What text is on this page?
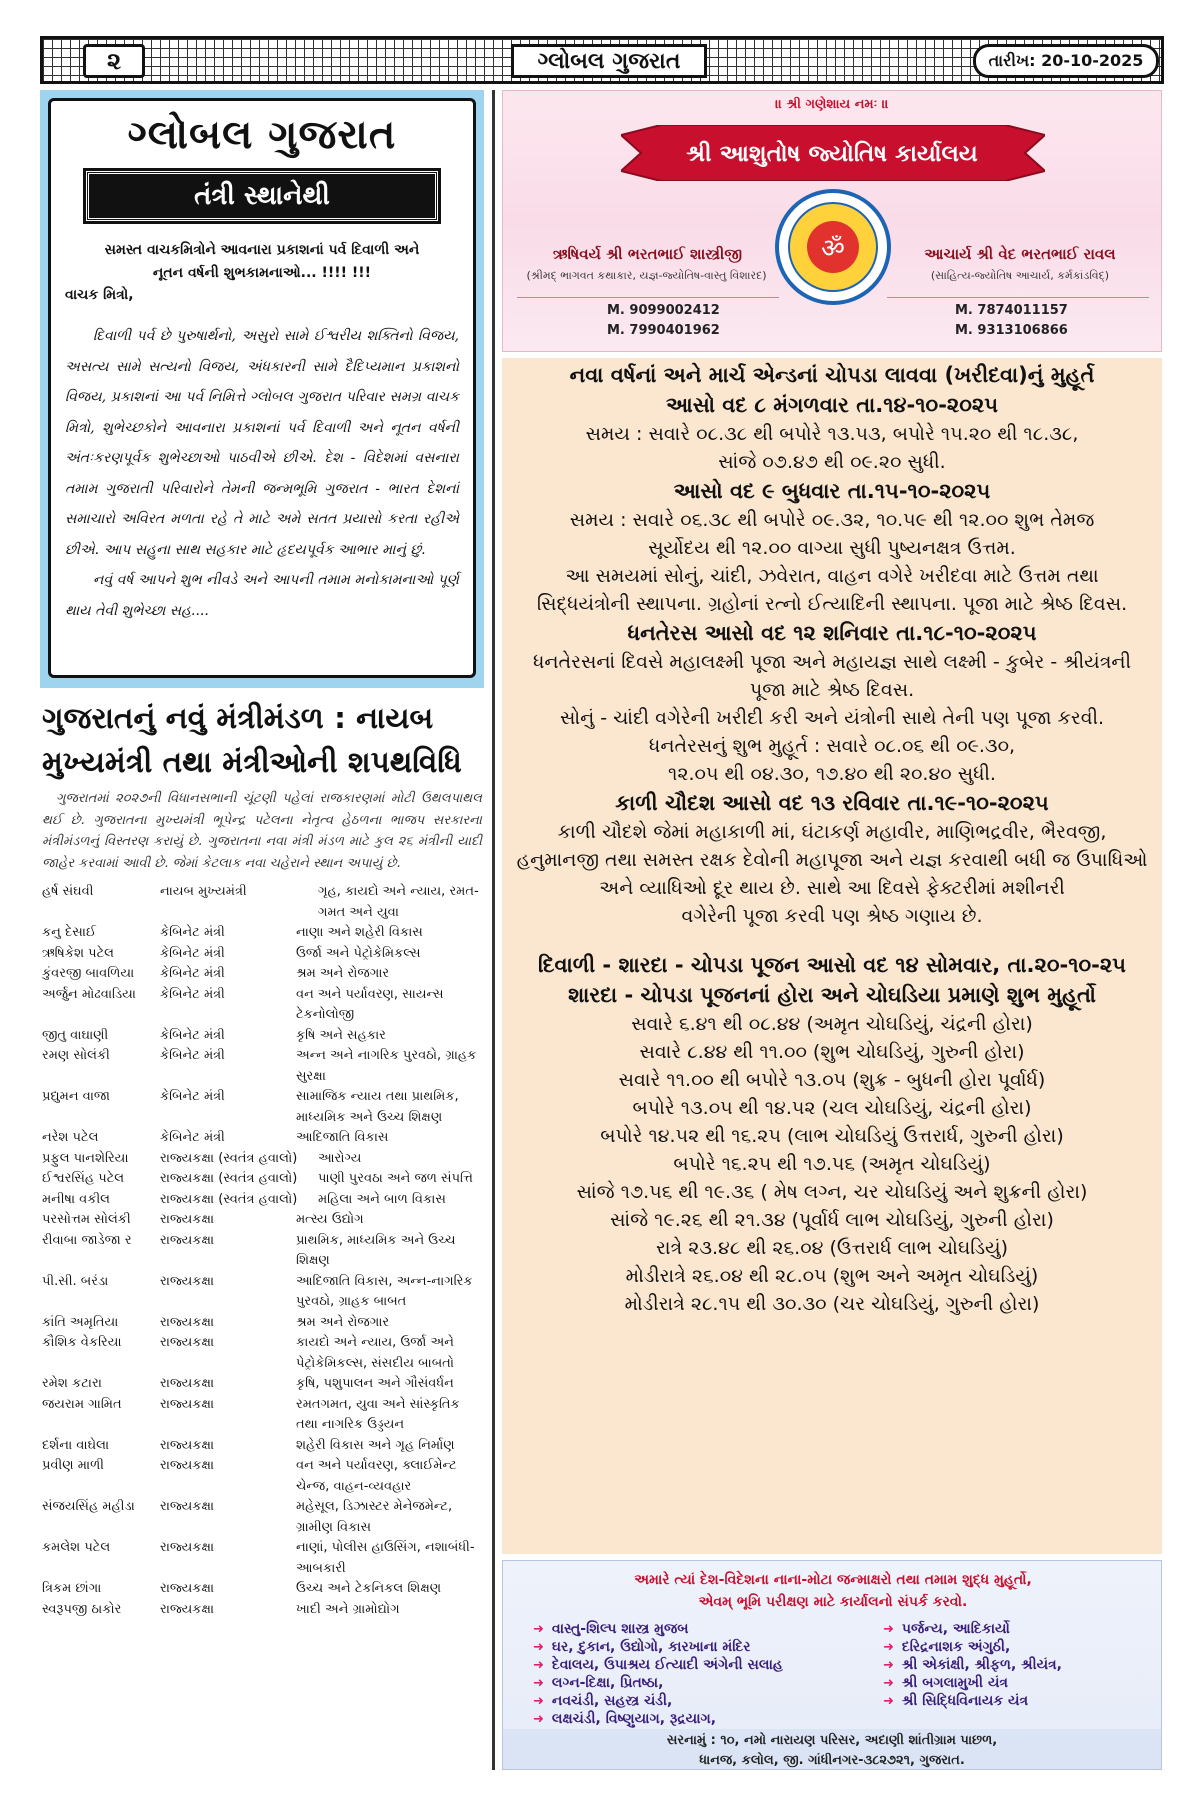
૨	ગ્લોબલ ગુજરાત	તારીખ: 20-10-2025
ગ્લોબલ ગુજરાત
તંત્રી સ્થાનેથી
સમસ્ત વાચકમિત્રોને આવનારા પ્રકાશનાં પર્વ દિવાળી અને
નૂતન વર્ષની શુભકામનાઓ... !!!! !!!
વાચક મિત્રો,

દિવાળી પર્વ છે પુરુષાર્થનો, અસુરો સામે ઈશ્વરીય શક્તિનો વિજય, અસત્ય સામે સત્યનો વિજય, અંધકારની સામે દૈદિપ્યમાન પ્રકાશનો વિજય, પ્રકાશનાં આ પર્વ નિમિત્તે ગ્લોબલ ગુજરાત પરિવાર સમગ્ર વાચક મિત્રો, શુભેચ્છકોને આવનારા પ્રકાશનાં પર્વ દિવાળી અને નૂતન વર્ષની અંતઃકરણપૂર્વક શુભેચ્છાઓ પાઠવીએ છીએ. દેશ - વિદેશમાં વસનારા તમામ ગુજરાતી પરિવારોને તેમની જન્મભૂમિ ગુજરાત - ભારત દેશનાં સમાચારો અવિરત મળતા રહે તે માટે અમે સતત પ્રયાસો કરતા રહીએ છીએ. આપ સહુના સાથ સહકાર માટે હૃદયપૂર્વક આભાર માનું છું.

નવું વર્ષ આપને શુભ નીવડે અને આપની તમામ મનોકામનાઓ પૂર્ણ થાય તેવી શુભેચ્છા સહ....

ગુજરાતનું નવું મંત્રીમંડળ : નાયબ મુખ્યમંત્રી તથા મંત્રીઓની શપથવિધિ

ગુજરાતમાં ૨૦૨૭ની વિધાનસભાની ચૂંટણી પહેલાં રાજકારણમાં મોટી ઉથલપાથલ થઈ છે. ગુજરાતના મુખ્યમંત્રી ભૂપેન્દ્ર પટેલના નેતૃત્વ હેઠળના ભાજપ સરકારના મંત્રીમંડળનું વિસ્તરણ કરાયું છે. ગુજરાતના નવા મંત્રી મંડળ માટે કુલ ૨૬ મંત્રીની યાદી જાહેર કરવામાં આવી છે. જેમાં કેટલાક નવા ચહેરાને સ્થાન અપાયું છે.

હર્ષ સંઘવી	નાયબ મુખ્યમંત્રી	ગૃહ, કાયદો અને ન્યાય, રમત-ગમત અને યુવા
કનુ દેસાઈ	કેબિનેટ મંત્રી	નાણા અને શહેરી વિકાસ
ઋષિકેશ પટેલ	કેબિનેટ મંત્રી	ઉર્જા અને પેટ્રોકેમિકલ્સ
કુંવરજી બાવળિયા	કેબિનેટ મંત્રી	શ્રમ અને રોજગાર
અર્જુન મોઢવાડિયા	કેબિનેટ મંત્રી	વન અને પર્યાવરણ, સાયન્સ ટેકનોલોજી
જીતુ વાઘાણી	કેબિનેટ મંત્રી	કૃષિ અને સહકાર
રમણ સોલંકી	કેબિનેટ મંત્રી	અન્ન અને નાગરિક પુરવઠો, ગ્રાહક સુરક્ષા
પ્રદ્યુમન વાજા	કેબિનેટ મંત્રી	સામાજિક ન્યાય તથા પ્રાથમિક, માધ્યમિક અને ઉચ્ચ શિક્ષણ
નરેશ પટેલ	કેબિનેટ મંત્રી	આદિજાતિ વિકાસ
પ્રફુલ પાનશેરિયા	રાજ્યકક્ષા (સ્વતંત્ર હવાલો)	આરોગ્ય
ઈશ્વરસિંહ પટેલ	રાજ્યકક્ષા (સ્વતંત્ર હવાલો)	પાણી પુરવઠા અને જળ સંપત્તિ
મનીષા વકીલ	રાજ્યકક્ષા (સ્વતંત્ર હવાલો)	મહિલા અને બાળ વિકાસ
પરસોત્તમ સોલંકી	રાજ્યકક્ષા	મત્સ્ય ઉદ્યોગ
રીવાબા જાડેજા ર	રાજ્યકક્ષા	પ્રાથમિક, માધ્યમિક અને ઉચ્ચ શિક્ષણ
પી.સી. બરંડા	રાજ્યકક્ષા	આદિજાતિ વિકાસ, અન્ન-નાગરિક પુરવઠો, ગ્રાહક બાબત
કાંતિ અમૃતિયા	રાજ્યકક્ષા	શ્રમ અને રોજગાર
કૌશિક વેકરિયા	રાજ્યકક્ષા	કાયદો અને ન્યાય, ઉર્જા અને પેટ્રોકેમિકલ્સ, સંસદીય બાબતો
રમેશ કટારા	રાજ્યકક્ષા	કૃષિ, પશુપાલન અને ગૌસંવર્ધન
જયરામ ગામિત	રાજ્યકક્ષા	રમતગમત, યુવા અને સાંસ્કૃતિક તથા નાગરિક ઉડ્ડયન
દર્શના વાઘેલા	રાજ્યકક્ષા	શહેરી વિકાસ અને ગૃહ નિર્માણ
પ્રવીણ માળી	રાજ્યકક્ષા	વન અને પર્યાવરણ, ક્લાઈમેન્ટ ચેન્જ, વાહન-વ્યવહાર
સંજયસિંહ મહીડા	રાજ્યકક્ષા	મહેસૂલ, ડિઝાસ્ટર મેનેજમેન્ટ, ગ્રામીણ વિકાસ
કમલેશ પટેલ	રાજ્યકક્ષા	નાણાં, પોલીસ હાઉસિંગ, નશાબંધી-આબકારી
ત્રિકમ છાંગા	રાજ્યકક્ષા	ઉચ્ચ અને ટેકનિકલ શિક્ષણ
સ્વરૂપજી ઠાકોર	રાજ્યકક્ષા	ખાદી અને ગ્રામોદ્યોગ
॥ શ્રી ગણેશાય નમઃ ॥
શ્રી આશુતોષ જ્યોતિષ કાર્યાલય
ॐ
ઋષિવર્ય શ્રી ભરતભાઈ શાસ્ત્રીજી
(શ્રીમદ્ ભાગવત કથાકાર, યજ્ઞ-જ્યોતિષ-વાસ્તુ વિશારદ)
M. 9099002412
M. 7990401962
આચાર્ય શ્રી વેદ ભરતભાઈ રાવલ
(સાહિત્ય-જ્યોતિષ આચાર્ય, કર્મકાંડવિદ્)
M. 7874011157
M. 9313106866
નવા વર્ષનાં અને માર્ચ એન્ડનાં ચોપડા લાવવા (ખરીદવા)નું મુહૂર્ત
આસો વદ ૮ મંગળવાર તા.૧૪-૧૦-૨૦૨૫
સમય : સવારે ૦૮.૩૮ થી બપોરે ૧૩.૫૩, બપોરે ૧૫.૨૦ થી ૧૮.૩૮,
સાંજે ૦૭.૪૭ થી ૦૯.૨૦ સુધી.
આસો વદ ૯ બુધવાર તા.૧૫-૧૦-૨૦૨૫
સમય : સવારે ૦૬.૩૮ થી બપોરે ૦૯.૩૨, ૧૦.૫૯ થી ૧૨.૦૦ શુભ તેમજ
સૂર્યોદય થી ૧૨.૦૦ વાગ્યા સુધી પુષ્યનક્ષત્ર ઉત્તમ.
આ સમયમાં સોનું, ચાંદી, ઝવેરાત, વાહન વગેરે ખરીદવા માટે ઉત્તમ તથા
સિદ્ધયંત્રોની સ્થાપના. ગ્રહોનાં રત્નો ઈત્યાદિની સ્થાપના. પૂજા માટે શ્રેષ્ઠ દિવસ.
ધનતેરસ આસો વદ ૧૨ શનિવાર તા.૧૮-૧૦-૨૦૨૫
ધનતેરસનાં દિવસે મહાલક્ષ્મી પૂજા અને મહાયજ્ઞ સાથે લક્ષ્મી - કુબેર - શ્રીયંત્રની
પૂજા માટે શ્રેષ્ઠ દિવસ.
સોનું - ચાંદી વગેરેની ખરીદી કરી અને યંત્રોની સાથે તેની પણ પૂજા કરવી.
ધનતેરસનું શુભ મુહૂર્ત : સવારે ૦૮.૦૬ થી ૦૯.૩૦,
૧૨.૦૫ થી ૦૪.૩૦, ૧૭.૪૦ થી ૨૦.૪૦ સુધી.
કાળી ચૌદશ આસો વદ ૧૩ રવિવાર તા.૧૯-૧૦-૨૦૨૫
કાળી ચૌદશે જેમાં મહાકાળી માં, ઘંટાકર્ણ મહાવીર, માણિભદ્રવીર, ભૈરવજી,
હનુમાનજી તથા સમસ્ત રક્ષક દેવોની મહાપૂજા અને યજ્ઞ કરવાથી બધી જ ઉપાધિઓ
અને વ્યાધિઓ દૂર થાય છે. સાથે આ દિવસે ફેક્ટરીમાં મશીનરી
વગેરેની પૂજા કરવી પણ શ્રેષ્ઠ ગણાય છે.
દિવાળી - શારદા - ચોપડા પૂજન આસો વદ ૧૪ સોમવાર, તા.૨૦-૧૦-૨૫
શારદા - ચોપડા પૂજનનાં હોરા અને ચોઘડિયા પ્રમાણે શુભ મુહૂર્તો
સવારે ૬.૪૧ થી ૦૮.૪૪ (અમૃત ચોઘડિયું, ચંદ્રની હોરા)
સવારે ૮.૪૪ થી ૧૧.૦૦ (શુભ ચોઘડિયું, ગુરુની હોરા)
સવારે ૧૧.૦૦ થી બપોરે ૧૩.૦૫ (શુક્ર - બુધની હોરા પૂર્વાર્ધ)
બપોરે ૧૩.૦૫ થી ૧૪.૫૨ (ચલ ચોઘડિયું, ચંદ્રની હોરા)
બપોરે ૧૪.૫૨ થી ૧૬.૨૫ (લાભ ચોઘડિયું ઉત્તરાર્ધ, ગુરુની હોરા)
બપોરે ૧૬.૨૫ થી ૧૭.૫૬ (અમૃત ચોઘડિયું)
સાંજે ૧૭.૫૬ થી ૧૯.૩૬ ( મેષ લગ્ન, ચર ચોઘડિયું અને શુક્રની હોરા)
સાંજે ૧૯.૨૬ થી ૨૧.૩૪ (પૂર્વાર્ધ લાભ ચોઘડિયું, ગુરુની હોરા)
રાત્રે ૨૩.૪૮ થી ૨૬.૦૪ (ઉત્તરાર્ધ લાભ ચોઘડિયું)
મોડીરાત્રે ૨૬.૦૪ થી ૨૮.૦૫ (શુભ અને અમૃત ચોઘડિયું)
મોડીરાત્રે ૨૮.૧૫ થી ૩૦.૩૦ (ચર ચોઘડિયું, ગુરુની હોરા)
અમારે ત્યાં દેશ-વિદેશના નાના-મોટા જન્માક્ષરો તથા તમામ શુદ્ધ મુહૂર્તો,
એવમ્ ભૂમિ પરીક્ષણ માટે કાર્યાલનો સંપર્ક કરવો.
સરનામું : ૧૦, નમો નારાયણ પરિસર, અદાણી શાંતીગ્રામ પાછળ,
ધાનજ, કલોલ, જી. ગાંધીનગર-૩૮૨૭૨૧, ગુજરાત.
➜ વાસ્તુ-શિલ્પ શાસ્ત્ર મુજબ
➜ ઘર, દુકાન, ઉદ્યોગો, કારખાના મંદિર
➜ દેવાલય, ઉપાશ્રય ઈત્યાદી અંગેની સલાહ
➜ લગ્ન-દિક્ષા, પ્રિતષ્ઠા,
➜ નવચંડી, સહસ્ત્ર ચંડી,
➜ લક્ષચંડી, વિષ્ણુયાગ, રૂદ્રયાગ,
➜ પર્જન્ય, આદિકાર્યો
➜ દરિદ્રનાશક અંગુઠી,
➜ શ્રી એકાંક્ષી, શ્રીફળ, શ્રીયંત્ર,
➜ શ્રી બગલામુખી યંત્ર
➜ શ્રી સિદ્ધિવિનાયક યંત્ર
